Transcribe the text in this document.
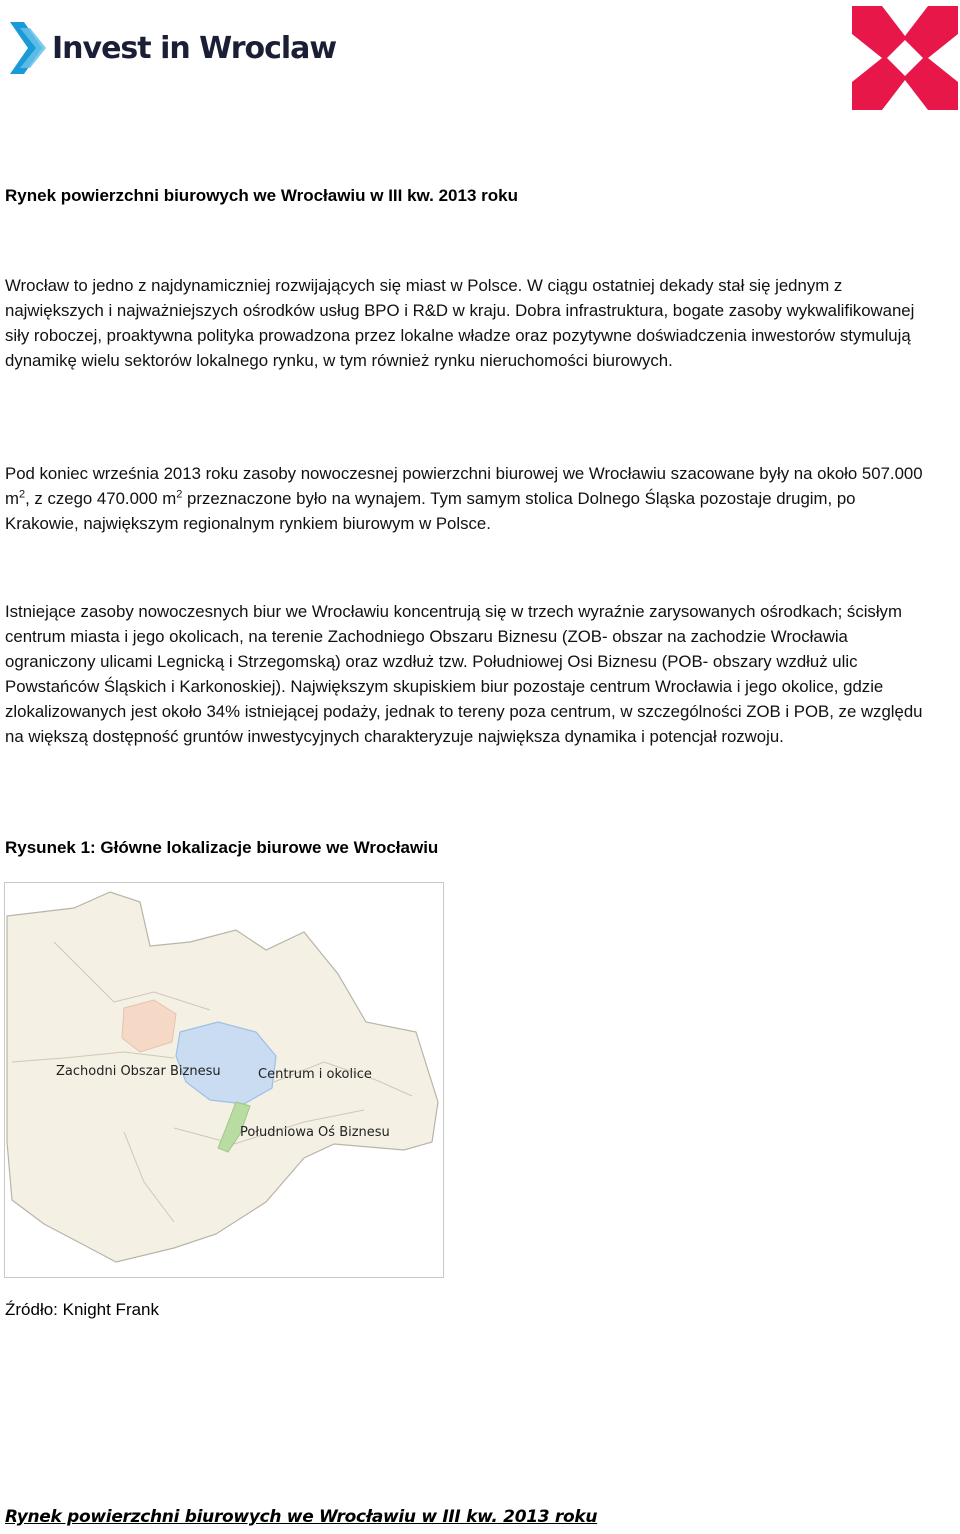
Invest in Wroclaw
Rynek powierzchni biurowych we Wrocławiu w III kw. 2013 roku
Wrocław to jedno z najdynamiczniej rozwijających się miast w Polsce. W ciągu ostatniej dekady stał się jednym z największych i najważniejszych ośrodków usług BPO i R&D w kraju. Dobra infrastruktura, bogate zasoby wykwalifikowanej siły roboczej, proaktywna polityka prowadzona przez lokalne władze oraz pozytywne doświadczenia inwestorów stymulują dynamikę wielu sektorów lokalnego rynku, w tym również rynku nieruchomości biurowych.
Pod koniec września 2013 roku zasoby nowoczesnej powierzchni biurowej we Wrocławiu szacowane były na około 507.000 $m^2$, z czego 470.000 $m^2$ przeznaczone było na wynajem. Tym samym stolica Dolnego Śląska pozostaje drugim, po Krakowie, największym regionalnym rynkiem biurowym w Polsce.
Istniejące zasoby nowoczesnych biur we Wrocławiu koncentrują się w trzech wyraźnie zarysowanych ośrodkach; ścisłym centrum miasta i jego okolicach, na terenie Zachodniego Obszaru Biznesu (ZOB- obszar na zachodzie Wrocławia ograniczony ulicami Legnicką i Strzegomską) oraz wzdłuż tzw. Południowej Osi Biznesu (POB- obszary wzdłuż ulic Powstańców Śląskich i Karkonoskiej). Największym skupiskiem biur pozostaje centrum Wrocławia i jego okolice, gdzie zlokalizowanych jest około 34% istniejącej podaży, jednak to tereny poza centrum, w szczególności ZOB i POB, ze względu na większą dostępność gruntów inwestycyjnych charakteryzuje największa dynamika i potencjał rozwoju.
Rysunek 1: Główne lokalizacje biurowe we Wrocławiu
Zachodni Obszar Biznesu	Centrum i okolice
Południowa Oś Biznesu
Źródło: Knight Frank
Rynek powierzchni biurowych we Wrocławiu w III kw. 2013 roku
